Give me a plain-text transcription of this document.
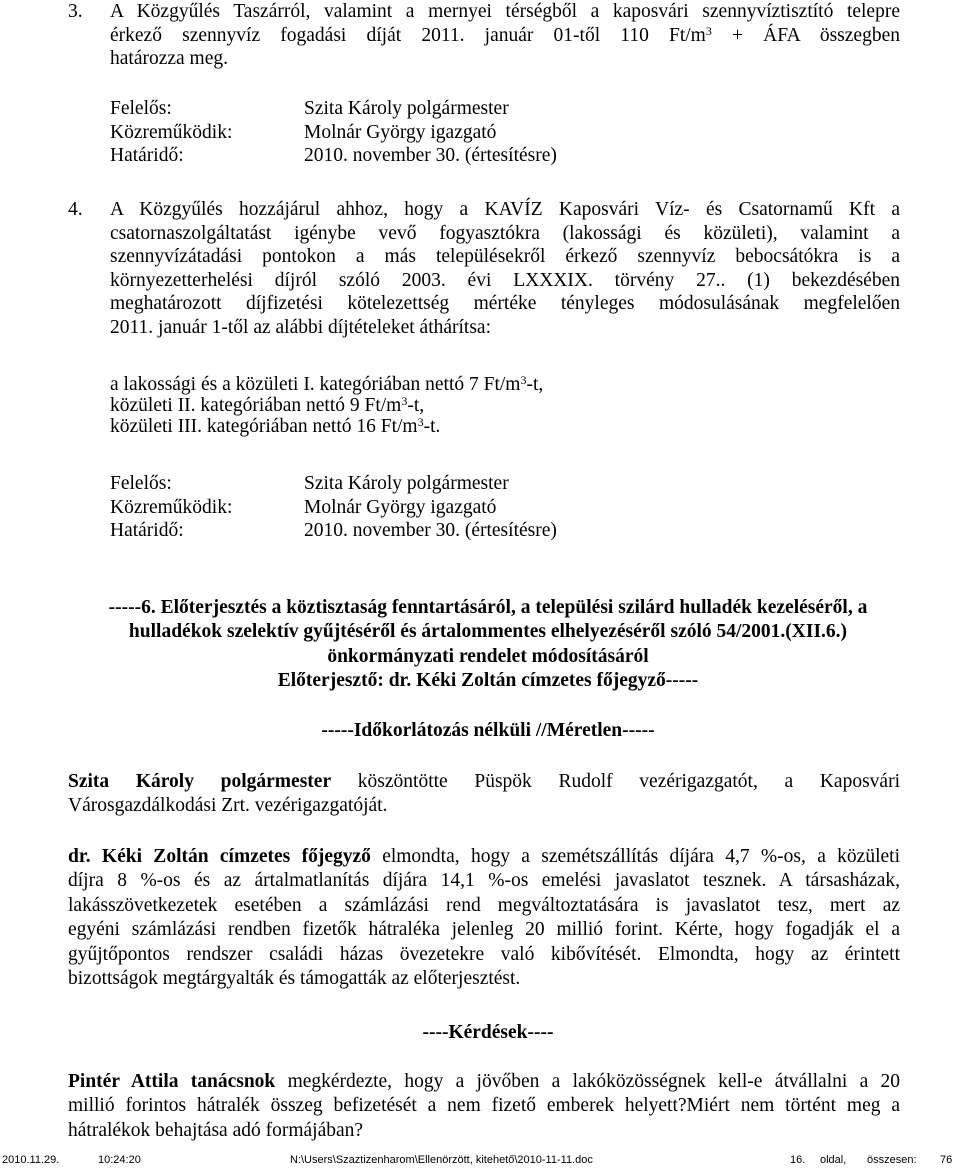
3. A Közgyűlés Taszárról, valamint a mernyei térségből a kaposvári szennyvíztisztító telepre
érkező szennyvíz fogadási díját 2011. január 01-től 110 $Ft/m^3$ + ÁFA összegben
határozza meg.
Felelős:	Szita Károly polgármester
Közreműködik:	Molnár György igazgató
Határidő:	2010. november 30. (értesítésre)
4. A Közgyűlés hozzájárul ahhoz, hogy a KAVÍZ Kaposvári Víz- és Csatornamű Kft a
csatornaszolgáltatást igénybe vevő fogyasztókra (lakossági és közületi), valamint a
szennyvízátadási pontokon a más településekről érkező szennyvíz bebocsátókra is a
környezetterhelési díjról szóló 2003. évi LXXXIX. törvény 27.. (1) bekezdésében
meghatározott díjfizetési kötelezettség mértéke tényleges módosulásának megfelelően
2011. január 1-től az alábbi díjtételeket áthárítsa:
a lakossági és a közületi I. kategóriában nettó 7 $Ft/m^3-t$,
közületi II. kategóriában nettó 9 $Ft/m^3-t$,
közületi III. kategóriában nettó 16 $Ft/m^3-t$.
Felelős:	Szita Károly polgármester
Közreműködik:	Molnár György igazgató
Határidő:	2010. november 30. (értesítésre)
-----6. Előterjesztés a köztisztaság fenntartásáról, a települési szilárd hulladék kezeléséről, a
hulladékok szelektív gyűjtéséről és ártalommentes elhelyezéséről szóló 54/2001.(XII.6.)
önkormányzati rendelet módosításáról
Előterjesztő: dr. Kéki Zoltán címzetes főjegyző-----
-----Időkorlátozás nélküli //Méretlen-----
Szita Károly polgármester köszöntötte Püspök Rudolf vezérigazgatót, a Kaposvári
Városgazdálkodási Zrt. vezérigazgatóját.
dr. Kéki Zoltán címzetes főjegyző elmondta, hogy a szemétszállítás díjára 4,7 %-os, a közületi
díjra 8 %-os és az ártalmatlanítás díjára 14,1 %-os emelési javaslatot tesznek. A társasházak,
lakásszövetkezetek esetében a számlázási rend megváltoztatására is javaslatot tesz, mert az
egyéni számlázási rendben fizetők hátraléka jelenleg 20 millió forint. Kérte, hogy fogadják el a
gyűjtőpontos rendszer családi házas övezetekre való kibővítését. Elmondta, hogy az érintett
bizottságok megtárgyalták és támogatták az előterjesztést.
----Kérdések----
Pintér Attila tanácsnok megkérdezte, hogy a jövőben a lakóközösségnek kell-e átvállalni a 20
millió forintos hátralék összeg befizetését a nem fizető emberek helyett?Miért nem történt meg a
hátralékok behajtása adó formájában?
2010.11.29.	10:24:20	N:\Users\Szaztizenharom\Ellenörzött, kitehető\2010-11-11.doc	16. oldal, összesen: 76
